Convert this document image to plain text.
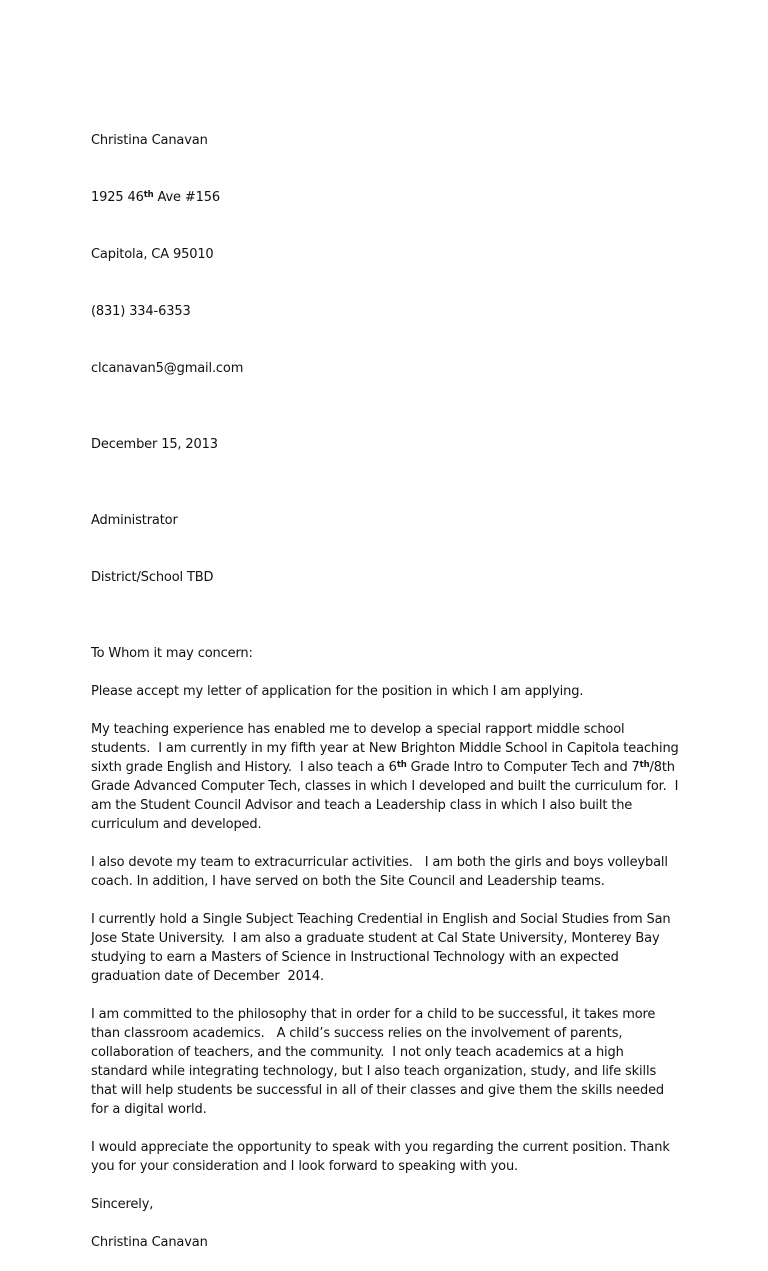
Christina Canavan

1925 46th Ave #156

Capitola, CA 95010

(831) 334-6353

clcanavan5@gmail.com

December 15, 2013

Administrator

District/School TBD

To Whom it may concern:

Please accept my letter of application for the position in which I am applying.

My teaching experience has enabled me to develop a special rapport middle school students.  I am currently in my fifth year at New Brighton Middle School in Capitola teaching sixth grade English and History.  I also teach a 6th Grade Intro to Computer Tech and 7th/8th Grade Advanced Computer Tech, classes in which I developed and built the curriculum for.  I am the Student Council Advisor and teach a Leadership class in which I also built the curriculum and developed.

I also devote my team to extracurricular activities.   I am both the girls and boys volleyball coach. In addition, I have served on both the Site Council and Leadership teams.

I currently hold a Single Subject Teaching Credential in English and Social Studies from San Jose State University.  I am also a graduate student at Cal State University, Monterey Bay studying to earn a Masters of Science in Instructional Technology with an expected graduation date of December  2014.

I am committed to the philosophy that in order for a child to be successful, it takes more than classroom academics.   A child’s success relies on the involvement of parents, collaboration of teachers, and the community.  I not only teach academics at a high standard while integrating technology, but I also teach organization, study, and life skills that will help students be successful in all of their classes and give them the skills needed for a digital world.

I would appreciate the opportunity to speak with you regarding the current position. Thank you for your consideration and I look forward to speaking with you.

Sincerely,

Christina Canavan
